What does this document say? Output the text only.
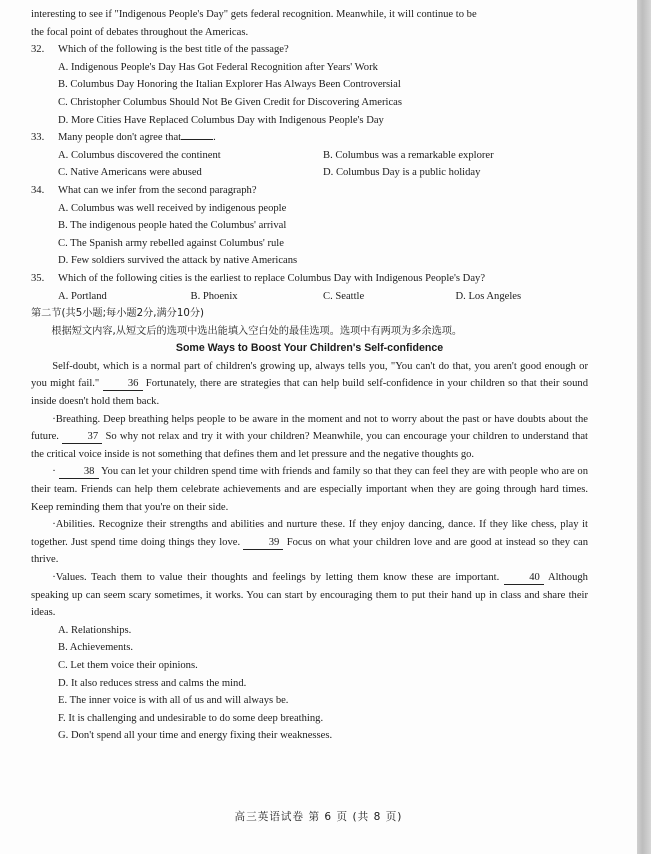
interesting to see if "Indigenous People's Day" gets federal recognition. Meanwhile, it will continue to be

the focal point of debates throughout the Americas.

32. Which of the following is the best title of the passage?

A. Indigenous People's Day Has Got Federal Recognition after Years' Work

B. Columbus Day Honoring the Italian Explorer Has Always Been Controversial

C. Christopher Columbus Should Not Be Given Credit for Discovering Americas

D. More Cities Have Replaced Columbus Day with Indigenous People's Day

33. Many people don't agree that	.

A. Columbus discovered the continent	B. Columbus was a remarkable explorer
C. Native Americans were abused	D. Columbus Day is a public holiday

34. What can we infer from the second paragraph?

A. Columbus was well received by indigenous people

B. The indigenous people hated the Columbus' arrival

C. The Spanish army rebelled against Columbus' rule

D. Few soldiers survived the attack by native Americans

35. Which of the following cities is the earliest to replace Columbus Day with Indigenous People's Day?

A. Portland	B. Phoenix	C. Seattle	D. Los Angeles

第二节(共5小题;每小题2分,满分10分)

根据短文内容,从短文后的选项中选出能填入空白处的最佳选项。选项中有两项为多余选项。

Some Ways to Boost Your Children's Self-confidence

Self-doubt, which is a normal part of children's growing up, always tells you, "You can't do that, you aren't good enough or you might fail."	36 Fortunately, there are strategies that can help build self-confidence in your children so that their sound inside doesn't hold them back.

·Breathing. Deep breathing helps people to be aware in the moment and not to worry about the past or have doubts about the future.	37 So why not relax and try it with your children? Meanwhile, you can encourage your children to understand that the critical voice inside is not something that defines them and let pressure and the negative thoughts go.

·	38 You can let your children spend time with friends and family so that they can feel they are with people who are on their team. Friends can help them celebrate achievements and are especially important when they are going through hard times. Keep reminding them that you're on their side.

·Abilities. Recognize their strengths and abilities and nurture these. If they enjoy dancing, dance. If they like chess, play it together. Just spend time doing things they love.	39 Focus on what your children love and are good at instead so they can thrive.

·Values. Teach them to value their thoughts and feelings by letting them know these are important.	40 Although speaking up can seem scary sometimes, it works. You can start by encouraging them to put their hand up in class and share their ideas.

A. Relationships.

B. Achievements.

C. Let them voice their opinions.

D. It also reduces stress and calms the mind.

E. The inner voice is with all of us and will always be.

F. It is challenging and undesirable to do some deep breathing.

G. Don't spend all your time and energy fixing their weaknesses.

高三英语试卷 第 6 页 (共 8 页)
